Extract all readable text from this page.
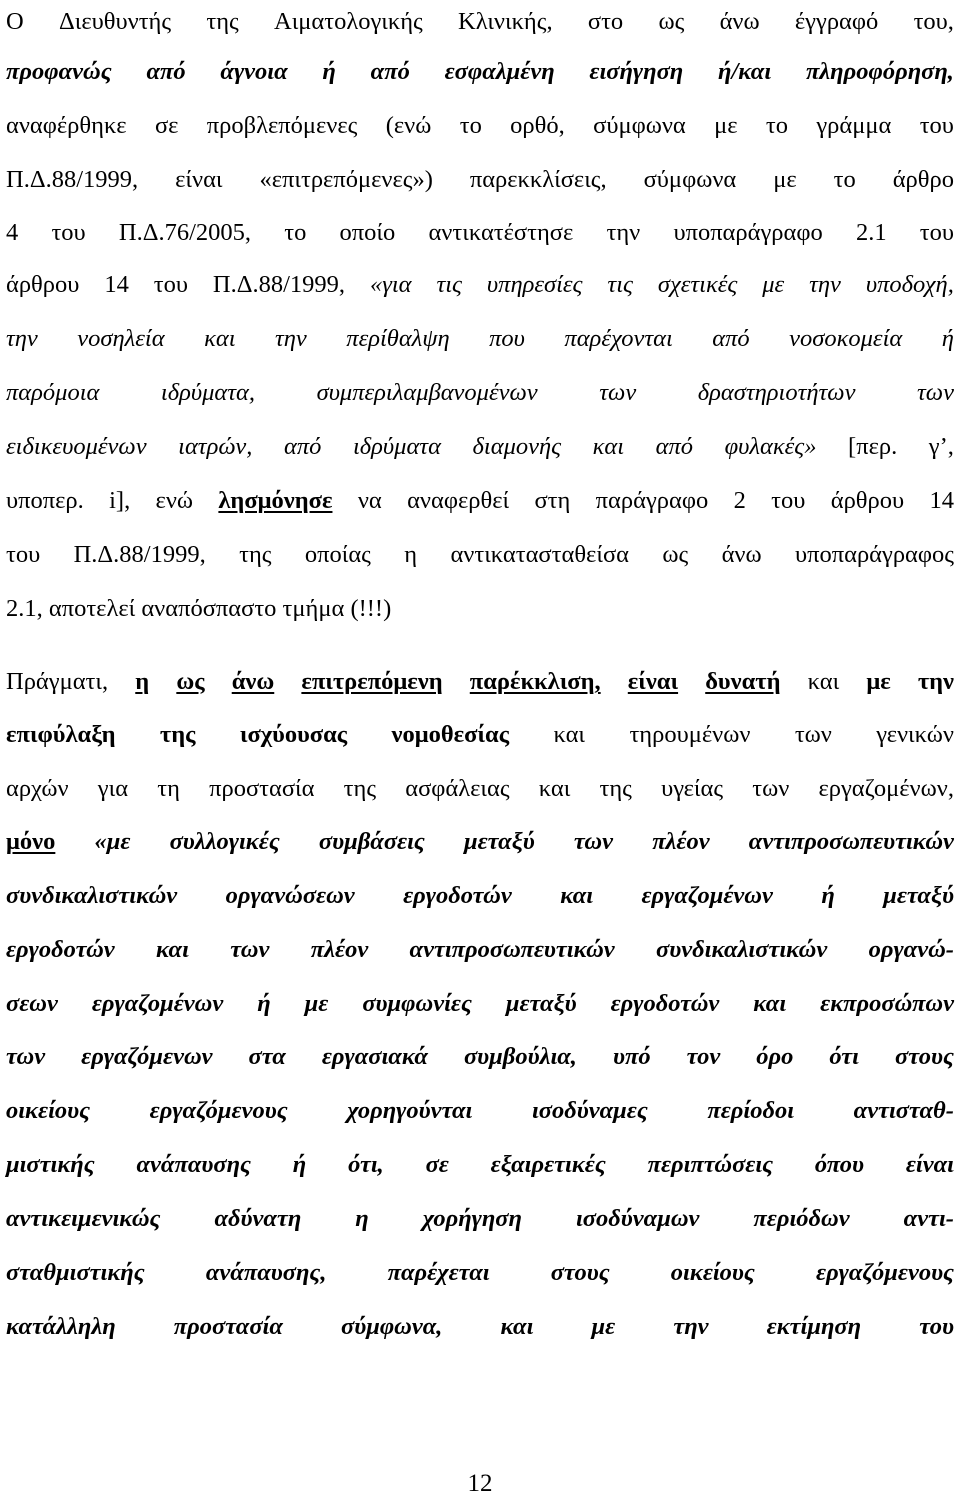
Ο Διευθυντής της Αιματολογικής Κλινικής, στο ως άνω έγγραφό του,
προφανώς από άγνοια ή από εσφαλμένη εισήγηση ή/και πληροφόρηση,
αναφέρθηκε σε προβλεπόμενες (ενώ το ορθό, σύμφωνα με το γράμμα του
Π.Δ.88/1999, είναι «επιτρεπόμενες») παρεκκλίσεις, σύμφωνα με το άρθρο
4 του Π.Δ.76/2005, το οποίο αντικατέστησε την υποπαράγραφο 2.1 του
άρθρου 14 του Π.Δ.88/1999, «για τις υπηρεσίες τις σχετικές με την υποδοχή,
την νοσηλεία και την περίθαλψη που παρέχονται από νοσοκομεία ή
παρόμοια	ιδρύματα,	συμπεριλαμβανομένων	των	δραστηριοτήτων	των
ειδικευομένων ιατρών, από ιδρύματα διαμονής και από φυλακές» [περ. γ’,
υποπερ. i], ενώ λησμόνησε να αναφερθεί στη παράγραφο 2 του άρθρου 14
του Π.Δ.88/1999, της οποίας η αντικατασταθείσα ως άνω υποπαράγραφος
2.1, αποτελεί αναπόσπαστο τμήμα (!!!)
Πράγματι, η ως άνω επιτρεπόμενη παρέκκλιση, είναι δυνατή και με την
επιφύλαξη της ισχύουσας νομοθεσίας και τηρουμένων των γενικών
αρχών για τη προστασία της ασφάλειας και της υγείας των εργαζομένων,
μόνο «με συλλογικές συμβάσεις μεταξύ των πλέον αντιπροσωπευτικών
συνδικαλιστικών οργανώσεων εργοδοτών και εργαζομένων ή μεταξύ
εργοδοτών και των πλέον αντιπροσωπευτικών συνδικαλιστικών οργανώ-
σεων εργαζομένων ή με συμφωνίες μεταξύ εργοδοτών και εκπροσώπων
των εργαζόμενων στα εργασιακά συμβούλια, υπό τον όρο ότι στους
οικείους εργαζόμενους χορηγούνται ισοδύναμες περίοδοι αντισταθ-
μιστικής ανάπαυσης ή ότι, σε εξαιρετικές περιπτώσεις όπου είναι
αντικειμενικώς αδύνατη η χορήγηση ισοδύναμων περιόδων αντι-
σταθμιστικής ανάπαυσης, παρέχεται στους οικείους εργαζόμενους
κατάλληλη προστασία σύμφωνα, και με την εκτίμηση του
12
